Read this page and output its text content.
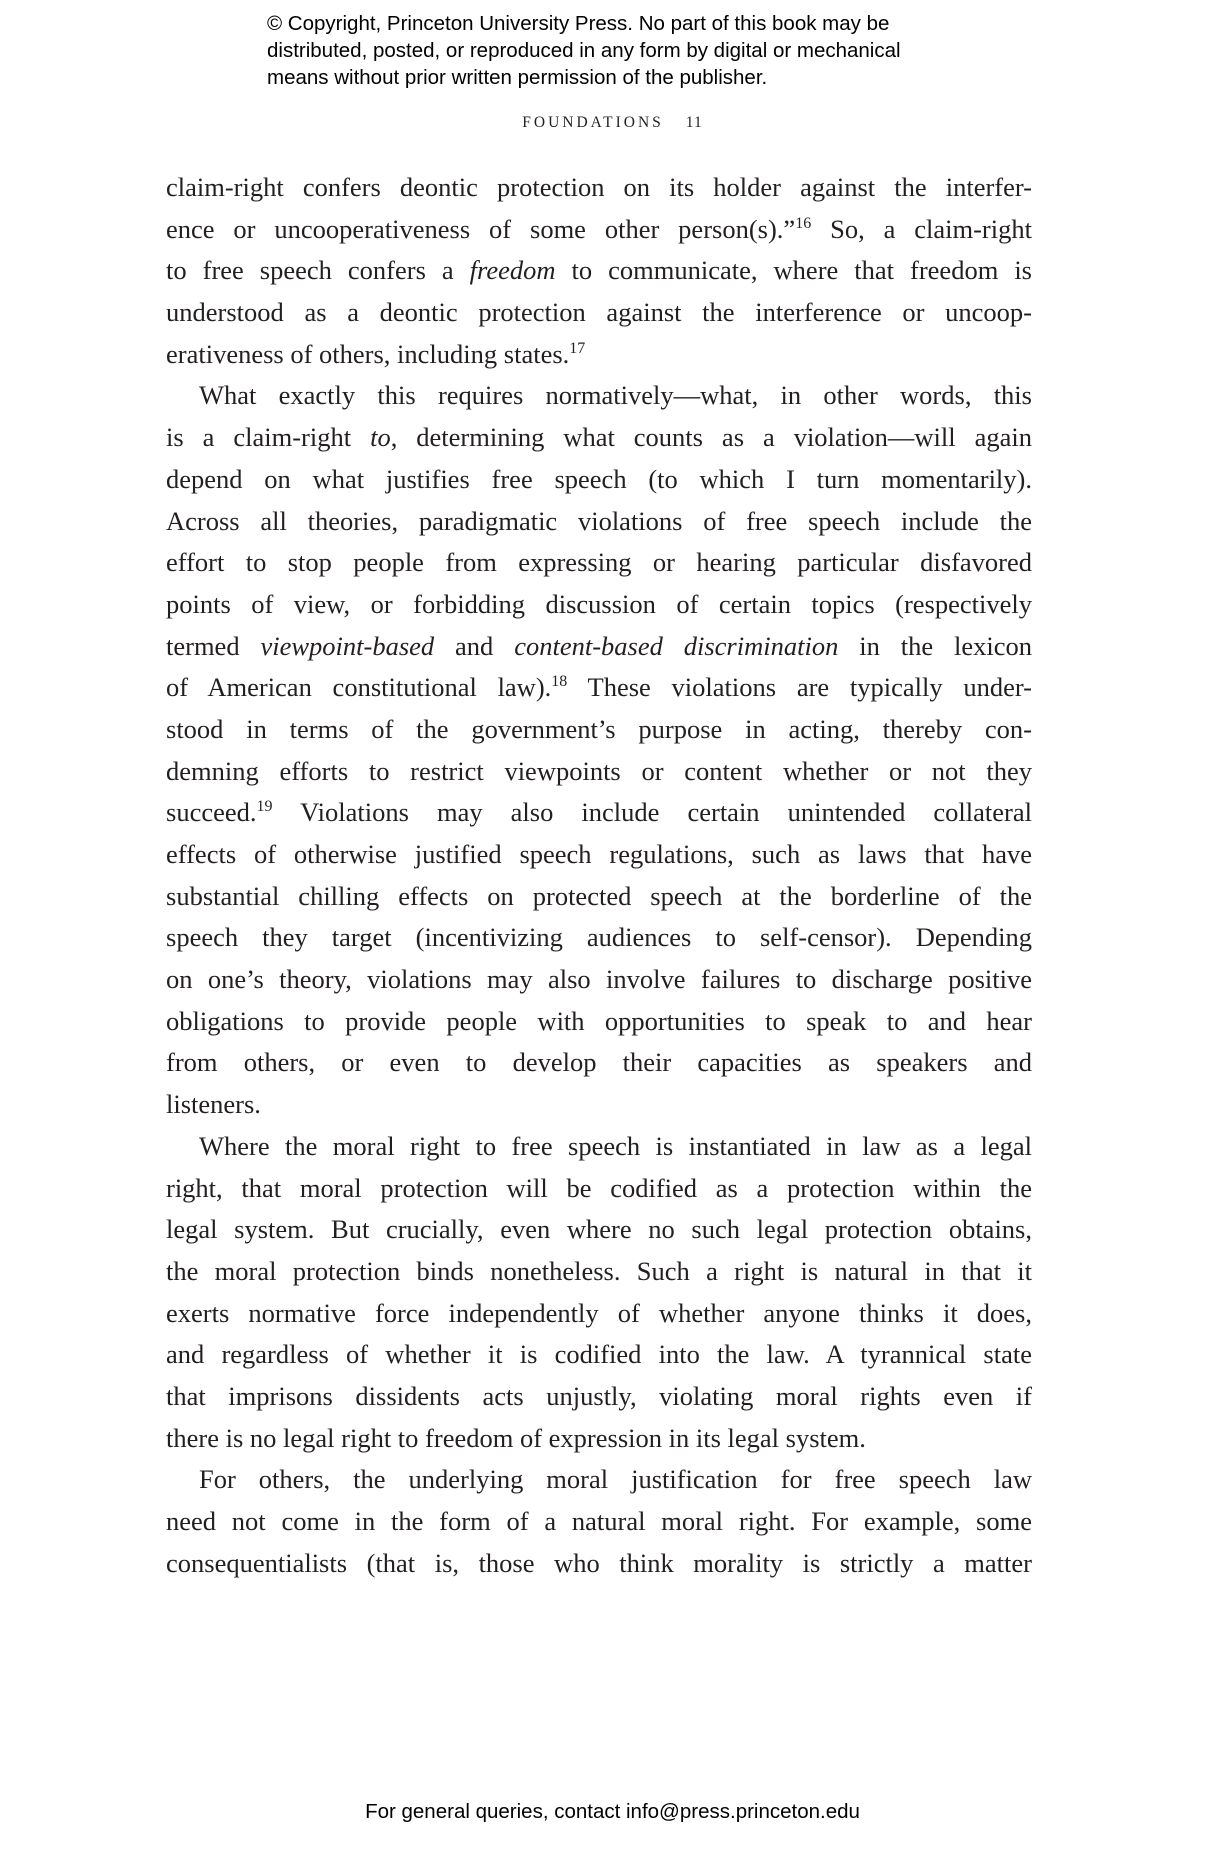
© Copyright, Princeton University Press. No part of this book may be
distributed, posted, or reproduced in any form by digital or mechanical
means without prior written permission of the publisher.
FOUNDATIONS 11
claim-right confers deontic protection on its holder against the interfer-
ence or uncooperativeness of some other person(s).”$^{16}$ So, a claim-right
to free speech confers a freedom to communicate, where that freedom is
understood as a deontic protection against the interference or uncoop-
erativeness of others, including states.$^{17}$
What exactly this requires normatively—what, in other words, this
is a claim-right to, determining what counts as a violation—will again
depend on what justifies free speech (to which I turn momentarily).
Across all theories, paradigmatic violations of free speech include the
effort to stop people from expressing or hearing particular disfavored
points of view, or forbidding discussion of certain topics (respectively
termed viewpoint-based and content-based discrimination in the lexicon
of American constitutional law).$^{18}$ These violations are typically under-
stood in terms of the government’s purpose in acting, thereby con-
demning efforts to restrict viewpoints or content whether or not they
succeed.$^{19}$ Violations may also include certain unintended collateral
effects of otherwise justified speech regulations, such as laws that have
substantial chilling effects on protected speech at the borderline of the
speech they target (incentivizing audiences to self-censor). Depending
on one’s theory, violations may also involve failures to discharge positive
obligations to provide people with opportunities to speak to and hear
from others, or even to develop their capacities as speakers and
listeners.
Where the moral right to free speech is instantiated in law as a legal
right, that moral protection will be codified as a protection within the
legal system. But crucially, even where no such legal protection obtains,
the moral protection binds nonetheless. Such a right is natural in that it
exerts normative force independently of whether anyone thinks it does,
and regardless of whether it is codified into the law. A tyrannical state
that imprisons dissidents acts unjustly, violating moral rights even if
there is no legal right to freedom of expression in its legal system.
For others, the underlying moral justification for free speech law
need not come in the form of a natural moral right. For example, some
consequentialists (that is, those who think morality is strictly a matter
For general queries, contact info@press.princeton.edu
